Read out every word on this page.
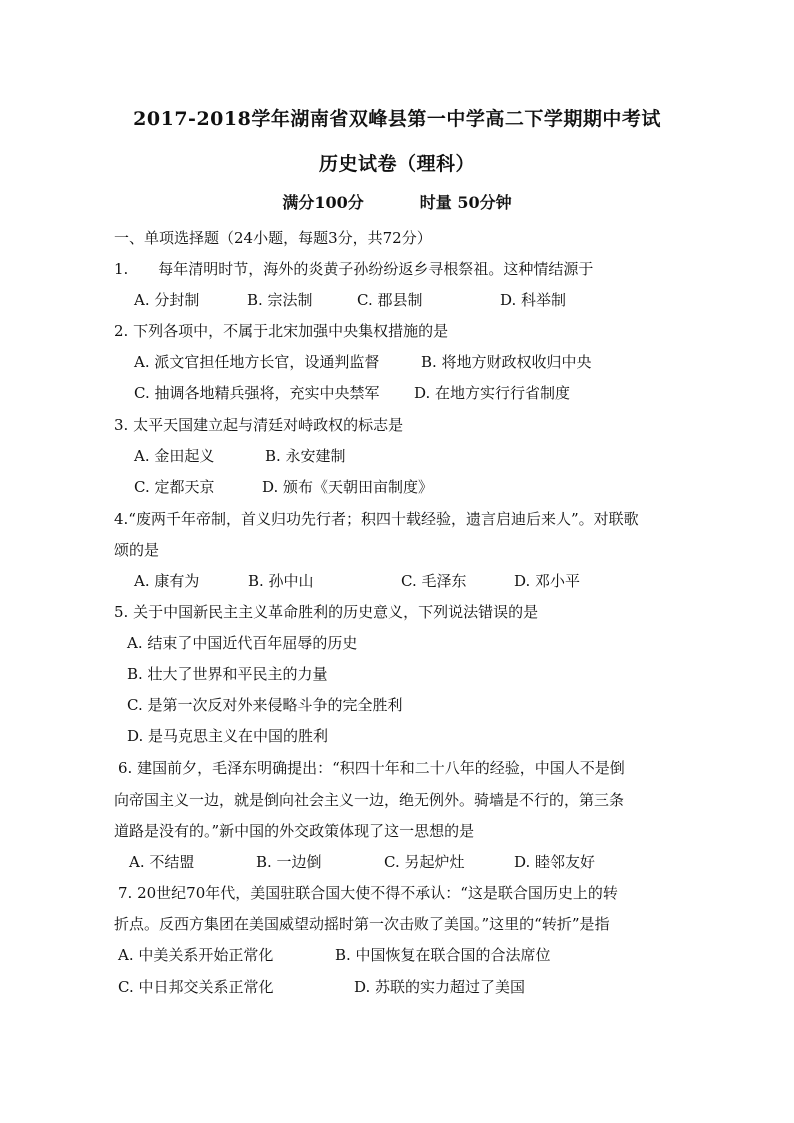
2017-2018学年湖南省双峰县第一中学高二下学期期中考试
历史试卷（理科）
满分100分	时量 50分钟
一、单项选择题（24小题，每题3分，共72分）
1.　　每年清明时节，海外的炎黄子孙纷纷返乡寻根祭祖。这种情结源于
A. 分封制	B. 宗法制	C. 郡县制	D. 科举制
2. 下列各项中，不属于北宋加强中央集权措施的是
A. 派文官担任地方长官，设通判监督	B. 将地方财政权收归中央
C. 抽调各地精兵强将，充实中央禁军 D. 在地方实行行省制度
3. 太平天国建立起与清廷对峙政权的标志是
A. 金田起义	B. 永安建制
C. 定都天京	D. 颁布《天朝田亩制度》
4.“废两千年帝制，首义归功先行者；积四十载经验，遗言启迪后来人”。对联歌
颂的是
A. 康有为	B. 孙中山	C. 毛泽东	D. 邓小平
5. 关于中国新民主主义革命胜利的历史意义，下列说法错误的是
A. 结束了中国近代百年屈辱的历史
B. 壮大了世界和平民主的力量
C. 是第一次反对外来侵略斗争的完全胜利
D. 是马克思主义在中国的胜利
6. 建国前夕，毛泽东明确提出：“积四十年和二十八年的经验，中国人不是倒
向帝国主义一边，就是倒向社会主义一边，绝无例外。骑墙是不行的，第三条
道路是没有的。”新中国的外交政策体现了这一思想的是
A. 不结盟	B. 一边倒	C. 另起炉灶	D. 睦邻友好
7. 20世纪70年代，美国驻联合国大使不得不承认：“这是联合国历史上的转
折点。反西方集团在美国威望动摇时第一次击败了美国。”这里的“转折”是指
A. 中美关系开始正常化	B. 中国恢复在联合国的合法席位
C. 中日邦交关系正常化	D. 苏联的实力超过了美国
